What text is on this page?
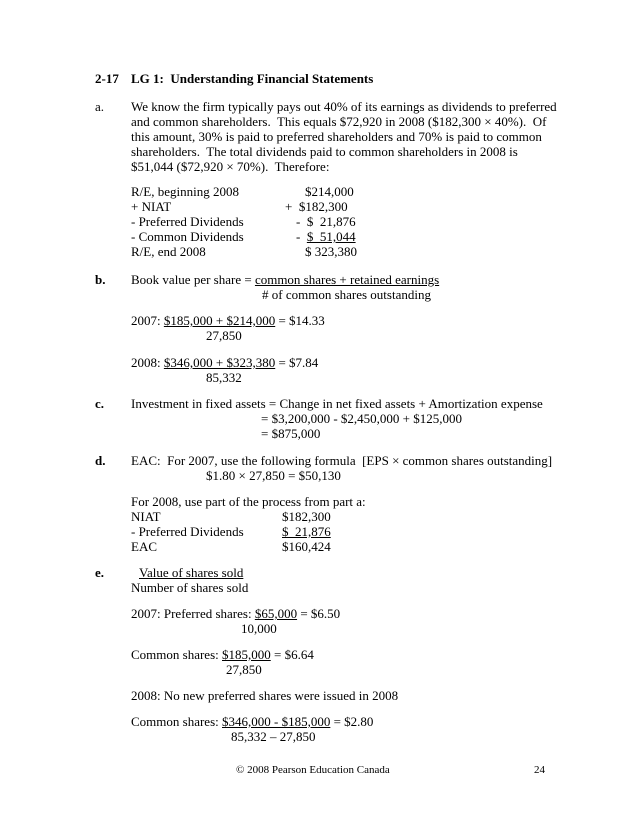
2-17 LG 1:  Understanding Financial Statements
a. We know the firm typically pays out 40% of its earnings as dividends to preferred
and common shareholders.  This equals $72,920 in 2008 ($182,300 × 40%).  Of
this amount, 30% is paid to preferred shareholders and 70% is paid to common
shareholders.  The total dividends paid to common shareholders in 2008 is
$51,044 ($72,920 × 70%).  Therefore:
R/E, beginning 2008	$214,000
+ NIAT	+  $182,300
- Preferred Dividends	-  $  21,876
- Common Dividends	-  $  51,044
R/E, end 2008	$ 323,380
b. Book value per share = common shares + retained earnings
# of common shares outstanding
2007: $185,000 + $214,000 = $14.33
27,850
2008: $346,000 + $323,380 = $7.84
85,332
c. Investment in fixed assets = Change in net fixed assets + Amortization expense
= $3,200,000 - $2,450,000 + $125,000
= $875,000
d. EAC:  For 2007, use the following formula  [EPS × common shares outstanding]
$1.80 × 27,850 = $50,130
For 2008, use part of the process from part a:
NIAT	$182,300
- Preferred Dividends	$  21,876
EAC	$160,424
e.	Value of shares sold
Number of shares sold
2007: Preferred shares: $65,000 = $6.50
10,000
Common shares: $185,000 = $6.64
27,850
2008: No new preferred shares were issued in 2008
Common shares: $346,000 - $185,000 = $2.80
85,332 – 27,850
© 2008 Pearson Education Canada	24
